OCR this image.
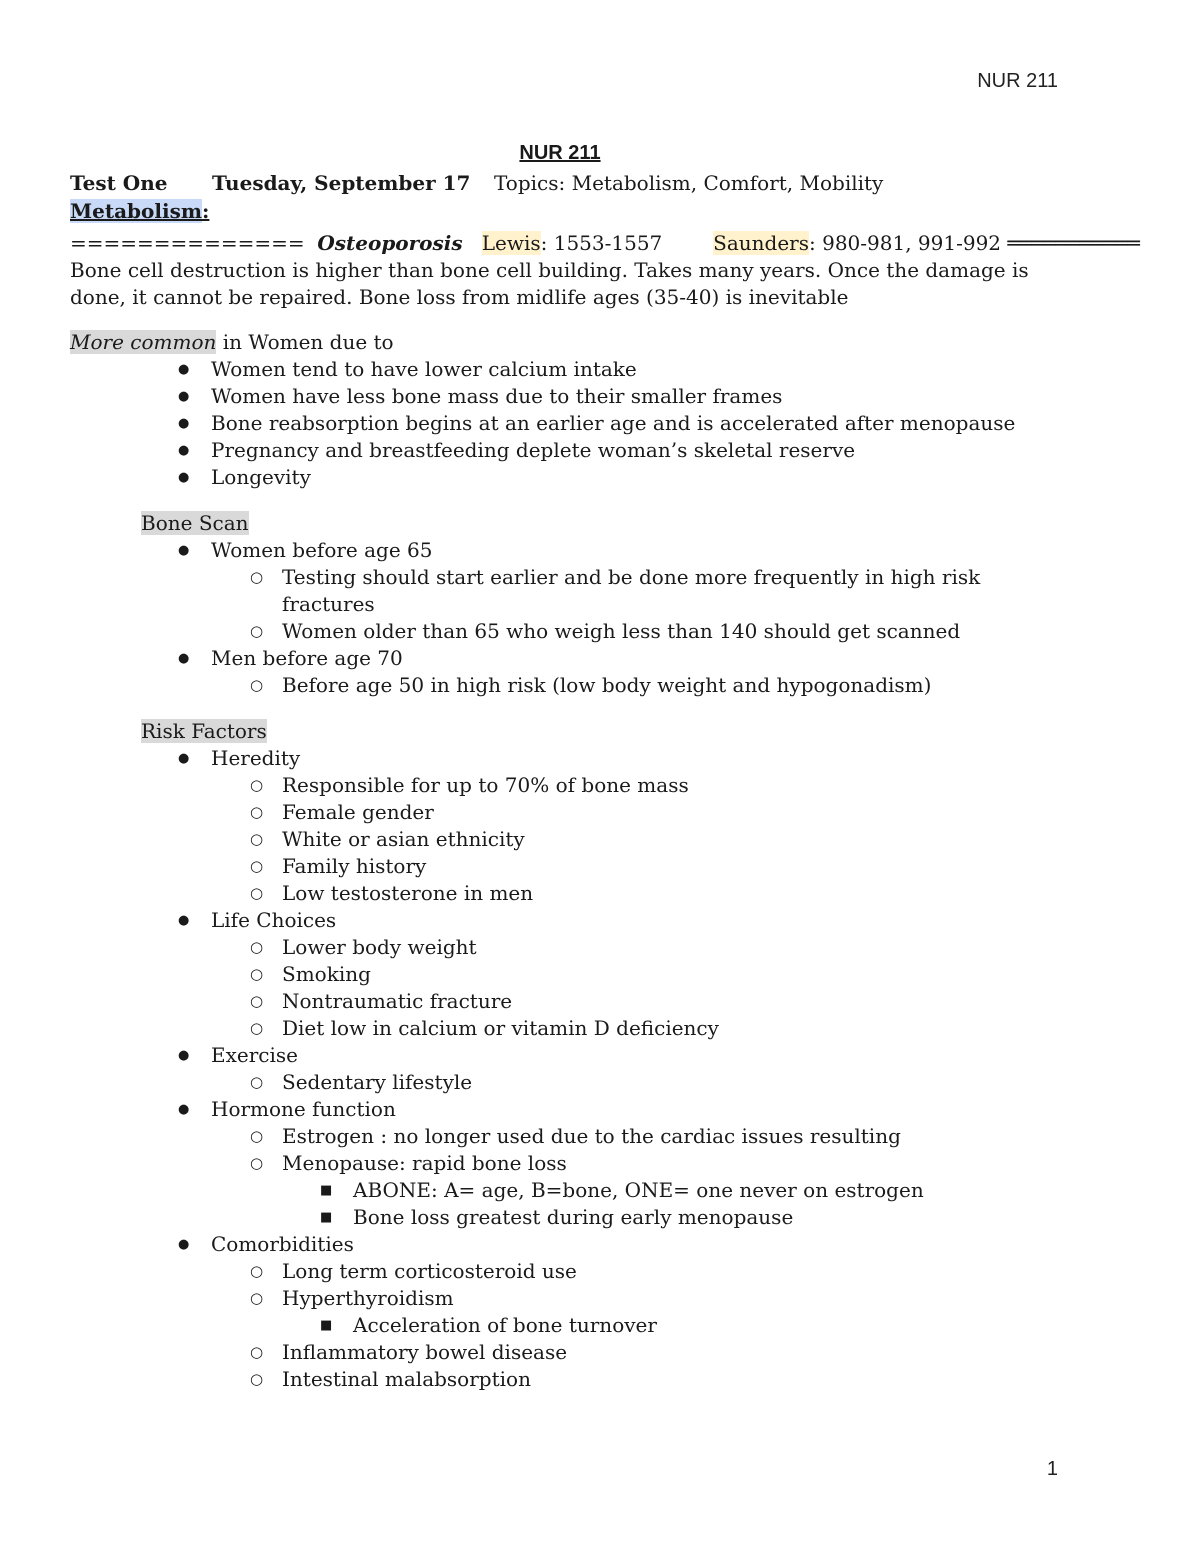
NUR 211
NUR 211
Test One	Tuesday, September 17	Topics: Metabolism, Comfort, Mobility
Metabolism:
============== Osteoporosis Lewis: 1553-1557	Saunders: 980-981, 991-992 ═══════════

Bone cell destruction is higher than bone cell building. Takes many years. Once the damage is done, it cannot be repaired. Bone loss from midlife ages (35-40) is inevitable

More common in Women due to
● Women tend to have lower calcium intake
● Women have less bone mass due to their smaller frames
● Bone reabsorption begins at an earlier age and is accelerated after menopause
● Pregnancy and breastfeeding deplete woman’s skeletal reserve
● Longevity
Bone Scan
● Women before age 65
○ Testing should start earlier and be done more frequently in high risk fractures
○ Women older than 65 who weigh less than 140 should get scanned
● Men before age 70
○ Before age 50 in high risk (low body weight and hypogonadism)
Risk Factors
● Heredity
○ Responsible for up to 70% of bone mass
○ Female gender
○ White or asian ethnicity
○ Family history
○ Low testosterone in men
● Life Choices
○ Lower body weight
○ Smoking
○ Nontraumatic fracture
○ Diet low in calcium or vitamin D deficiency
● Exercise
○ Sedentary lifestyle
● Hormone function
○ Estrogen : no longer used due to the cardiac issues resulting
○ Menopause: rapid bone loss
■ ABONE: A= age, B=bone, ONE= one never on estrogen
■ Bone loss greatest during early menopause
● Comorbidities
○ Long term corticosteroid use
○ Hyperthyroidism
■ Acceleration of bone turnover
○ Inflammatory bowel disease
○ Intestinal malabsorption
1
